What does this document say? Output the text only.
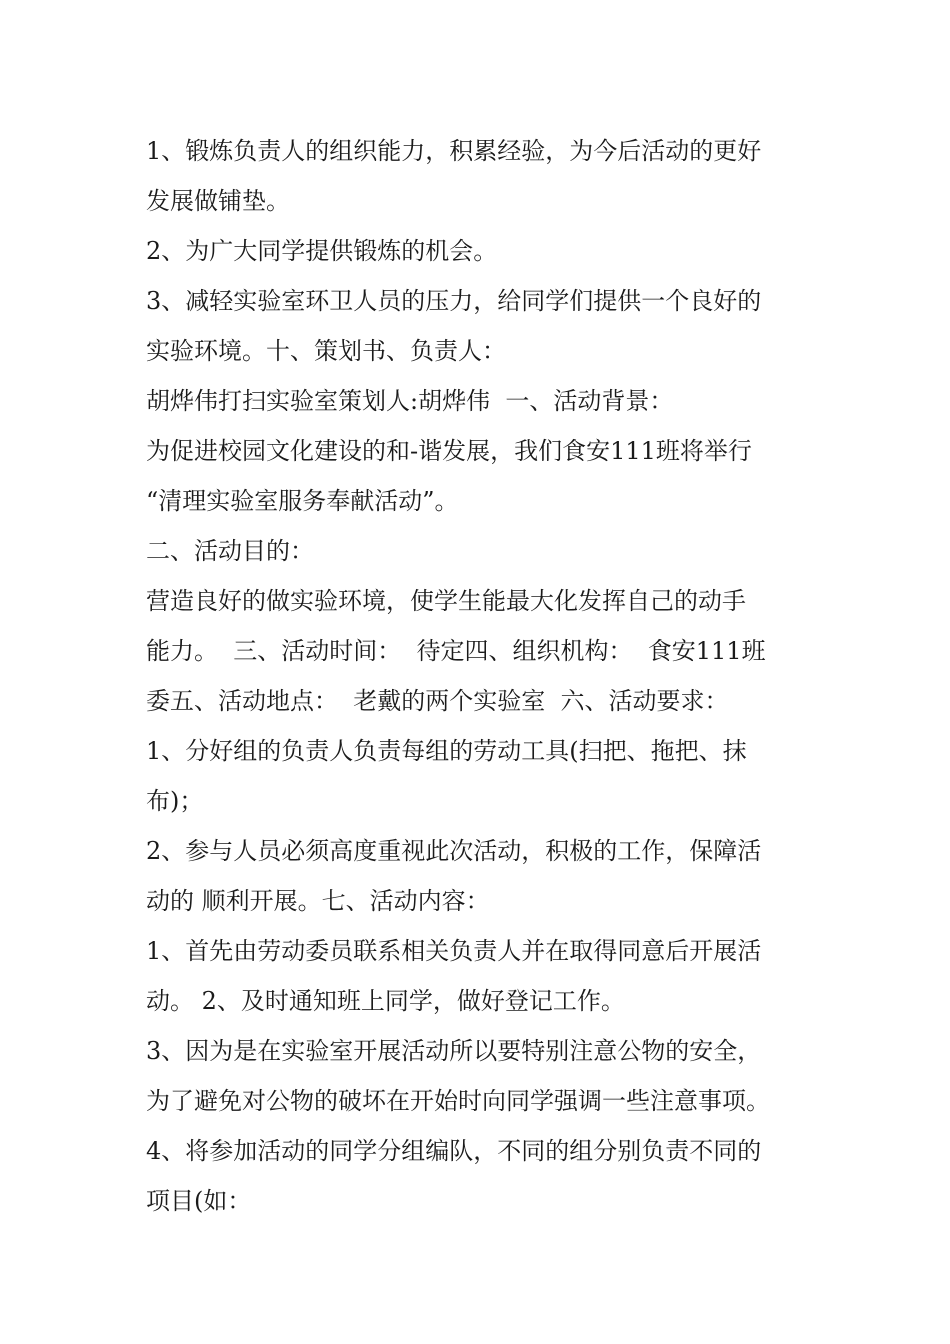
1、锻炼负责人的组织能力，积累经验，为今后活动的更好
发展做铺垫。
2、为广大同学提供锻炼的机会。
3、减轻实验室环卫人员的压力，给同学们提供一个良好的
实验环境。十、策划书、负责人：
胡烨伟打扫实验室策划人:胡烨伟  一、活动背景：
为促进校园文化建设的和-谐发展，我们食安111班将举行
“清理实验室服务奉献活动”。
二、活动目的：
营造良好的做实验环境，使学生能最大化发挥自己的动手
能力。  三、活动时间：  待定四、组织机构：  食安111班
委五、活动地点：  老戴的两个实验室  六、活动要求：
1、分好组的负责人负责每组的劳动工具(扫把、拖把、抹
布)；
2、参与人员必须高度重视此次活动，积极的工作，保障活
动的 顺利开展。七、活动内容：
1、首先由劳动委员联系相关负责人并在取得同意后开展活
动。 2、及时通知班上同学，做好登记工作。
3、因为是在实验室开展活动所以要特别注意公物的安全，
为了避免对公物的破坏在开始时向同学强调一些注意事项。
4、将参加活动的同学分组编队，不同的组分别负责不同的
项目(如：
